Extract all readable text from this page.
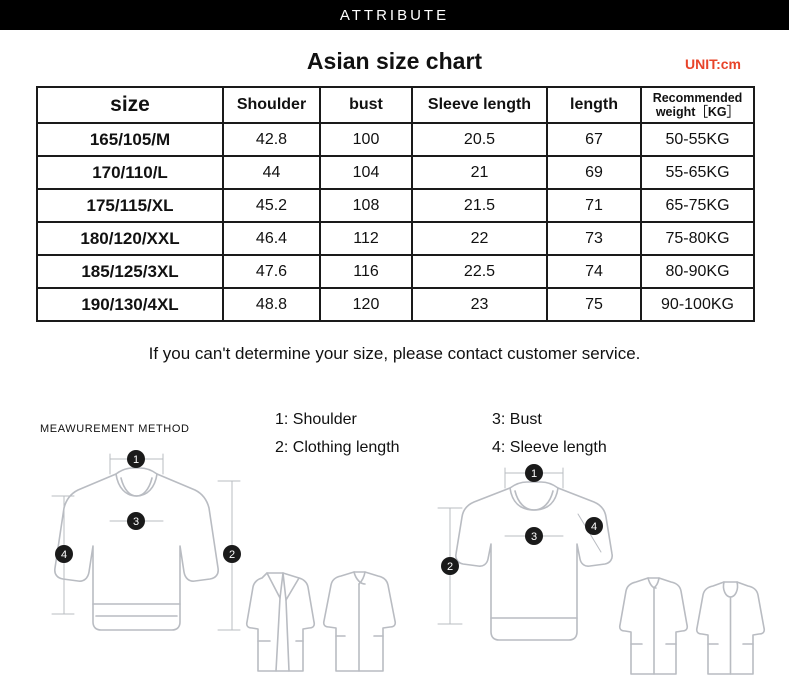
ATTRIBUTE
Asian size chart	UNIT:cm
size	Shoulder	bust	Sleeve length	length	Recommended weight［KG］
165/105/M	42.8	100	20.5	67	50-55KG
170/110/L	44	104	21	69	55-65KG
175/115/XL	45.2	108	21.5	71	65-75KG
180/120/XXL	46.4	112	22	73	75-80KG
185/125/3XL	47.6	116	22.5	74	80-90KG
190/130/4XL	48.8	120	23	75	90-100KG
If you can't determine your size, please contact customer service.
MEAWUREMENT METHOD
1: Shoulder
2: Clothing length
3: Bust
4: Sleeve length
1
2
3
4
1
2
3
4
